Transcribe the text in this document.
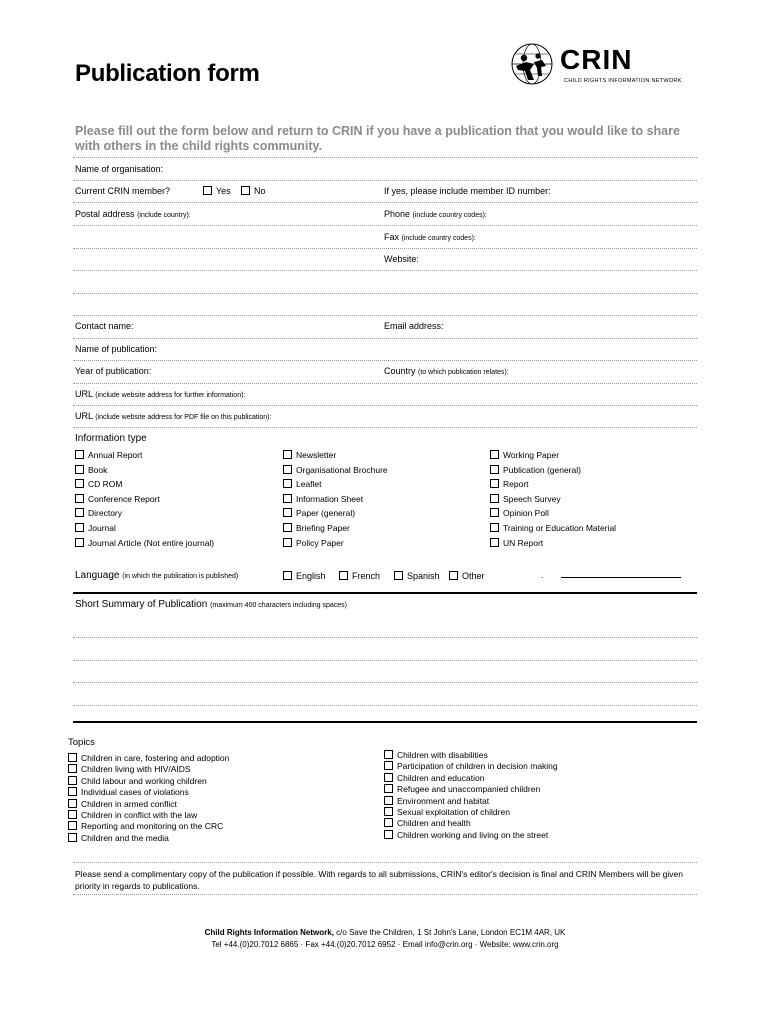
Publication form	CRIN
CHILD RIGHTS INFORMATION NETWORK
Please fill out the form below and return to CRIN if you have a publication that you would like to share with others in the child rights community.
Name of organisation:
Current CRIN member?	Yes	No	If yes, please include member ID number:
Postal address (include country):	Phone (include country codes):
Fax (include country codes):
Website:
Contact name:	Email address:
Name of publication:
Year of publication:	Country (to which publication relates):
URL (include website address for further information):
URL (include website address for PDF file on this publication):
Information type
Annual Report
Book
CD ROM
Conference Report
Directory
Journal
Journal Article (Not entire journal)
Newsletter
Organisational Brochure
Leaflet
Information Sheet
Paper (general)
Briefing Paper
Policy Paper
Working Paper
Publication (general)
Report
Speech Survey
Opinion Poll
Training or Education Material
UN Report
Language (in which the publication is published)	English	French	Spanish	Other	.
Short Summary of Publication (maximum 400 characters including spaces)
Topics
Children in care, fostering and adoption
Children living with HIV/AIDS
Child labour and working children
Individual cases of violations
Children in armed conflict
Children in conflict with the law
Reporting and monitoring on the CRC
Children and the media
Children with disabilities
Participation of children in decision making
Children and education
Refugee and unaccompanied children
Environment and habitat
Sexual exploitation of children
Children and health
Children working and living on the street
Please send a complimentary copy of the publication if possible. With regards to all submissions, CRIN's editor's decision is final and CRIN Members will be given priority in regards to publications.
Child Rights Information Network, c/o Save the Children, 1 St John's Lane, London EC1M 4AR, UK
Tel +44.(0)20.7012 6865 · Fax +44.(0)20.7012 6952 · Email info@crin.org · Website: www.crin.org
